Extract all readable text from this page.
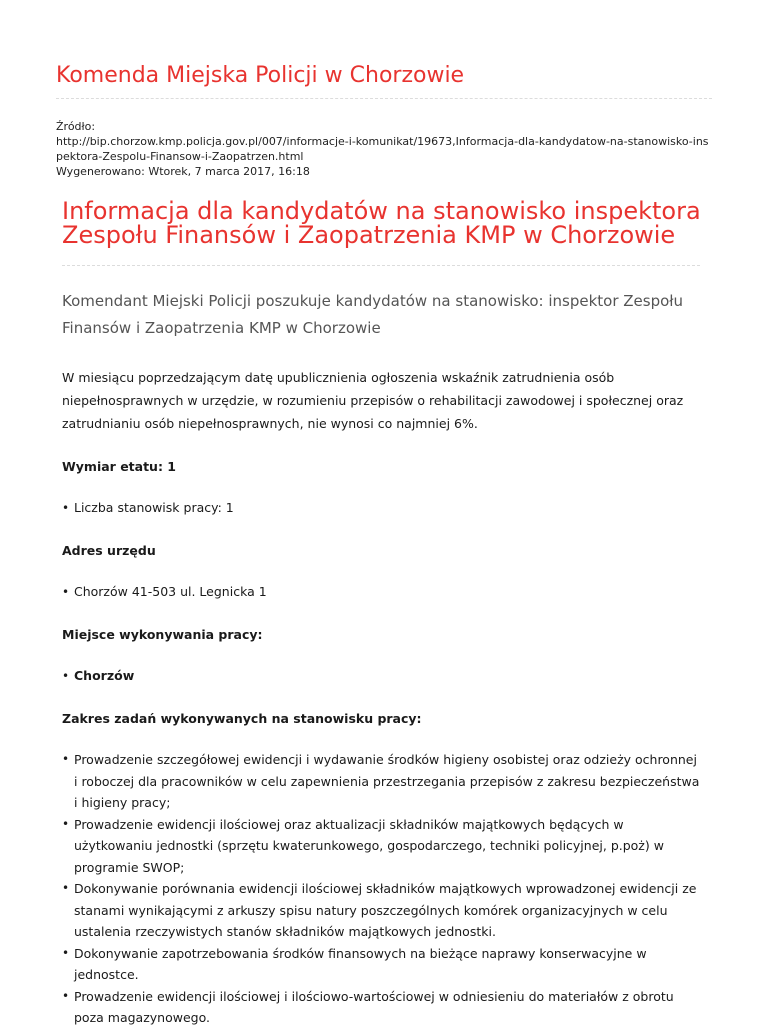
Komenda Miejska Policji w Chorzowie
Źródło:
http://bip.chorzow.kmp.policja.gov.pl/007/informacje-i-komunikat/19673,Informacja-dla-kandydatow-na-stanowisko-inspektora-Zespolu-Finansow-i-Zaopatrzen.html
Wygenerowano: Wtorek, 7 marca 2017, 16:18
Informacja dla kandydatów na stanowisko inspektora Zespołu Finansów i Zaopatrzenia KMP w Chorzowie

Komendant Miejski Policji poszukuje kandydatów na stanowisko: inspektor Zespołu Finansów i Zaopatrzenia KMP w Chorzowie

W miesiącu poprzedzającym datę upublicznienia ogłoszenia wskaźnik zatrudnienia osób niepełnosprawnych w urzędzie, w rozumieniu przepisów o rehabilitacji zawodowej i społecznej oraz zatrudnianiu osób niepełnosprawnych, nie wynosi co najmniej 6%.

Wymiar etatu: 1

• Liczba stanowisk pracy: 1

Adres urzędu

• Chorzów 41-503 ul. Legnicka 1

Miejsce wykonywania pracy:

• Chorzów

Zakres zadań wykonywanych na stanowisku pracy:

• Prowadzenie szczegółowej ewidencji i wydawanie środków higieny osobistej oraz odzieży ochronnej i roboczej dla pracowników w celu zapewnienia przestrzegania przepisów z zakresu bezpieczeństwa i higieny pracy;
• Prowadzenie ewidencji ilościowej oraz aktualizacji składników majątkowych będących w użytkowaniu jednostki (sprzętu kwaterunkowego, gospodarczego, techniki policyjnej, p.poż) w programie SWOP;
• Dokonywanie porównania ewidencji ilościowej składników majątkowych wprowadzonej ewidencji ze stanami wynikającymi z arkuszy spisu natury poszczególnych komórek organizacyjnych w celu ustalenia rzeczywistych stanów składników majątkowych jednostki.
• Dokonywanie zapotrzebowania środków finansowych na bieżące naprawy konserwacyjne w jednostce.
• Prowadzenie ewidencji ilościowej i ilościowo-wartościowej w odniesieniu do materiałów z obrotu poza magazynowego.
